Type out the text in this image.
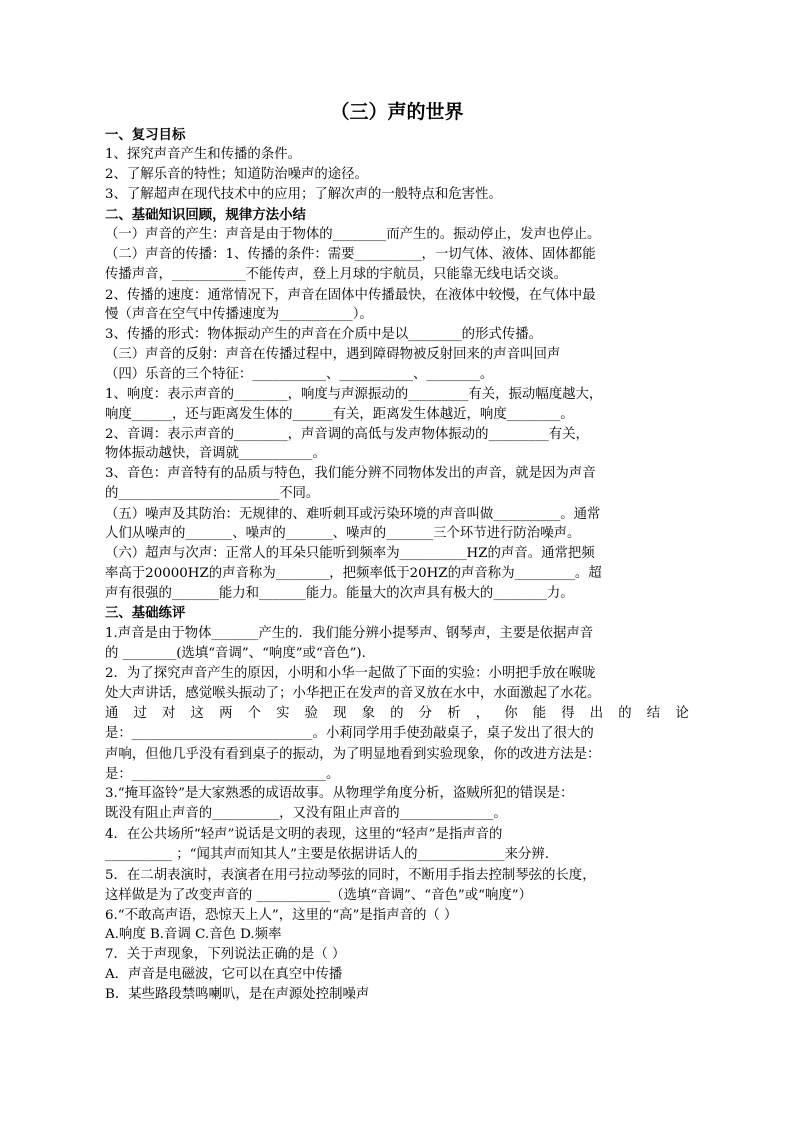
（三）声的世界
一、复习目标
1、探究声音产生和传播的条件。
2、了解乐音的特性；知道防治噪声的途径。
3、了解超声在现代技术中的应用；了解次声的一般特点和危害性。
二、基础知识回顾，规律方法小结
（一）声音的产生：声音是由于物体的________而产生的。振动停止，发声也停止。
（二）声音的传播：1、传播的条件：需要__________，一切气体、液体、固体都能
传播声音，___________不能传声，登上月球的宇航员，只能靠无线电话交谈。
2、传播的速度：通常情况下，声音在固体中传播最快，在液体中较慢，在气体中最
慢（声音在空气中传播速度为___________）。
3、传播的形式：物体振动产生的声音在介质中是以________的形式传播。
（三）声音的反射：声音在传播过程中，遇到障碍物被反射回来的声音叫回声
（四）乐音的三个特征：___________、___________、________。
1、响度：表示声音的________，响度与声源振动的_________有关，振动幅度越大，
响度______，还与距离发生体的______有关，距离发生体越近，响度________。
2、音调：表示声音的________，声音调的高低与发声物体振动的_________有关，
物体振动越快，音调就___________。
3、音色：声音特有的品质与特色，我们能分辨不同物体发出的声音，就是因为声音
的________________________不同。
（五）噪声及其防治：无规律的、难听刺耳或污染环境的声音叫做__________。通常
人们从噪声的_______、噪声的_______、噪声的_______三个环节进行防治噪声。
（六）超声与次声：正常人的耳朵只能听到频率为__________HZ的声音。通常把频
率高于20000HZ的声音称为________，把频率低于20HZ的声音称为_________。超
声有很强的_______能力和_______能力。能量大的次声具有极大的________力。
三、基础练评
1.声音是由于物体_______产生的．我们能分辨小提琴声、钢琴声，主要是依据声音
的 ________(选填“音调”、“响度”或“音色”)．
2．为了探究声音产生的原因，小明和小华一起做了下面的实验：小明把手放在喉咙
处大声讲话，感觉喉头振动了；小华把正在发声的音叉放在水中，水面激起了水花。
通 过 对 这 两 个 实 验 现 象 的 分 析 ， 你 能 得 出 的 结 论
是：___________________________。小莉同学用手使劲敲桌子，桌子发出了很大的
声响，但他几乎没有看到桌子的振动，为了明显地看到实验现象，你的改进方法是：
是：_____________________________。
3.“掩耳盗铃”是大家熟悉的成语故事。从物理学角度分析，盗贼所犯的错误是：
既没有阻止声音的__________，又没有阻止声音的______________。
4．在公共场所“轻声”说话是文明的表现，这里的“轻声”是指声音的
__________ ；“闻其声而知其人”主要是依据讲话人的_____________来分辨.
5．在二胡表演时，表演者在用弓拉动琴弦的同时，不断用手指去控制琴弦的长度，
这样做是为了改变声音的 ___________（选填“音调”、“音色”或“响度”）
6.“不敢高声语，恐惊天上人”，这里的“高”是指声音的（ ）
A.响度 B.音调 C.音色 D.频率
7．关于声现象，下列说法正确的是（ ）
A．声音是电磁波，它可以在真空中传播
B．某些路段禁鸣喇叭，是在声源处控制噪声
